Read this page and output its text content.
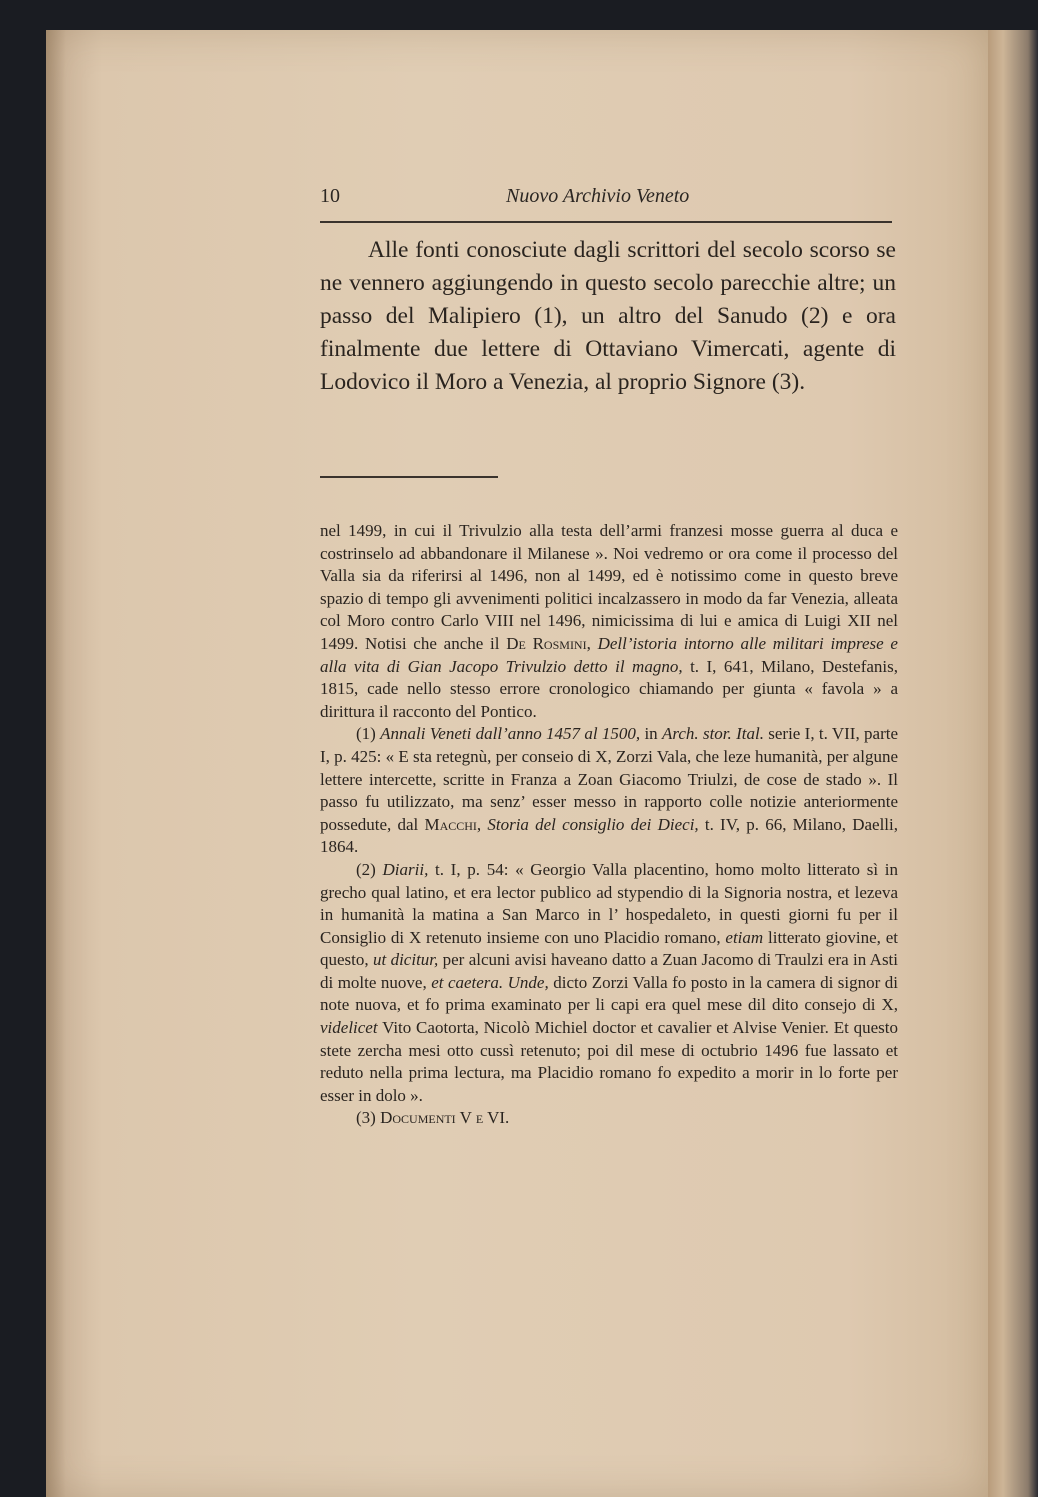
10	Nuovo Archivio Veneto

Alle fonti conosciute dagli scrittori del secolo scorso se ne vennero aggiungendo in questo secolo parecchie altre; un passo del Malipiero (1), un altro del Sanudo (2) e ora finalmente due lettere di Ottaviano Vimercati, agente di Lodovico il Moro a Venezia, al proprio Signore (3).

nel 1499, in cui il Trivulzio alla testa dell’armi franzesi mosse guerra al duca e costrinselo ad abbandonare il Milanese ». Noi vedremo or ora come il processo del Valla sia da riferirsi al 1496, non al 1499, ed è notissimo come in questo breve spazio di tempo gli avvenimenti politici incalzassero in modo da far Venezia, alleata col Moro contro Carlo VIII nel 1496, nimicissima di lui e amica di Luigi XII nel 1499. Notisi che anche il De Rosmini, Dell’istoria intorno alle militari imprese e alla vita di Gian Jacopo Trivulzio detto il magno, t. I, 641, Milano, Destefanis, 1815, cade nello stesso errore cronologico chiamando per giunta « favola » a dirittura il racconto del Pontico.

(1) Annali Veneti dall’anno 1457 al 1500, in Arch. stor. Ital. serie I, t. VII, parte I, p. 425: « E sta retegnù, per conseio di X, Zorzi Vala, che leze humanità, per algune lettere intercette, scritte in Franza a Zoan Giacomo Triulzi, de cose de stado ». Il passo fu utilizzato, ma senz’ esser messo in rapporto colle notizie anteriormente possedute, dal Macchi, Storia del consiglio dei Dieci, t. IV, p. 66, Milano, Daelli, 1864.

(2) Diarii, t. I, p. 54: « Georgio Valla placentino, homo molto litterato sì in grecho qual latino, et era lector publico ad stypendio di la Signoria nostra, et lezeva in humanità la matina a San Marco in l’ hospedaleto, in questi giorni fu per il Consiglio di X retenuto insieme con uno Placidio romano, etiam litterato giovine, et questo, ut dicitur, per alcuni avisi haveano datto a Zuan Jacomo di Traulzi era in Asti di molte nuove, et caetera. Unde, dicto Zorzi Valla fo posto in la camera di signor di note nuova, et fo prima examinato per li capi era quel mese dil dito consejo di X, videlicet Vito Caotorta, Nicolò Michiel doctor et cavalier et Alvise Venier. Et questo stete zercha mesi otto cussì retenuto; poi dil mese di octubrio 1496 fue lassato et reduto nella prima lectura, ma Placidio romano fo expedito a morir in lo forte per esser in dolo ».

(3) Documenti V e VI.
